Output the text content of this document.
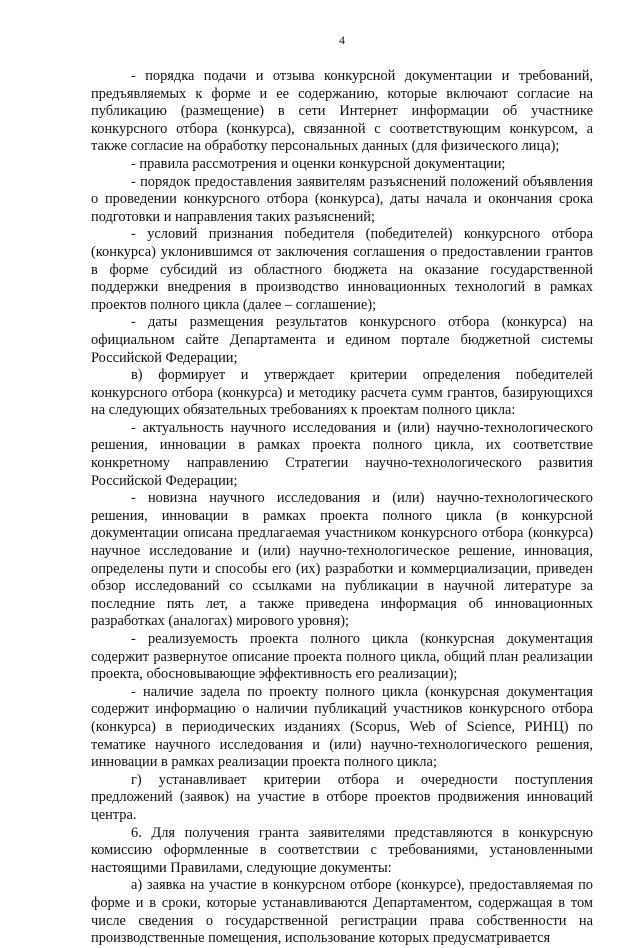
4

- порядка подачи и отзыва конкурсной документации и требований, предъявляемых к форме и ее содержанию, которые включают согласие на публикацию (размещение) в сети Интернет информации об участнике конкурсного отбора (конкурса), связанной с соответствующим конкурсом, а также согласие на обработку персональных данных (для физического лица);

- правила рассмотрения и оценки конкурсной документации;

- порядок предоставления заявителям разъяснений положений объявления о проведении конкурсного отбора (конкурса), даты начала и окончания срока подготовки и направления таких разъяснений;

- условий признания победителя (победителей) конкурсного отбора (конкурса) уклонившимся от заключения соглашения о предоставлении грантов в форме субсидий из областного бюджета на оказание государственной поддержки внедрения в производство инновационных технологий в рамках проектов полного цикла (далее – соглашение);

- даты размещения результатов конкурсного отбора (конкурса) на официальном сайте Департамента и едином портале бюджетной системы Российской Федерации;

в) формирует и утверждает критерии определения победителей конкурсного отбора (конкурса) и методику расчета сумм грантов, базирующихся на следующих обязательных требованиях к проектам полного цикла:

- актуальность научного исследования и (или) научно-технологического решения, инновации в рамках проекта полного цикла, их соответствие конкретному направлению Стратегии научно-технологического развития Российской Федерации;

- новизна научного исследования и (или) научно-технологического решения, инновации в рамках проекта полного цикла (в конкурсной документации описана предлагаемая участником конкурсного отбора (конкурса) научное исследование и (или) научно-технологическое решение, инновация, определены пути и способы его (их) разработки и коммерциализации, приведен обзор исследований со ссылками на публикации в научной литературе за последние пять лет, а также приведена информация об инновационных разработках (аналогах) мирового уровня);

- реализуемость проекта полного цикла (конкурсная документация содержит развернутое описание проекта полного цикла, общий план реализации проекта, обосновывающие эффективность его реализации);

- наличие задела по проекту полного цикла (конкурсная документация содержит информацию о наличии публикаций участников конкурсного отбора (конкурса) в периодических изданиях (Scopus, Web of Science, РИНЦ) по тематике научного исследования и (или) научно-технологического решения, инновации в рамках реализации проекта полного цикла;

г) устанавливает критерии отбора и очередности поступления предложений (заявок) на участие в отборе проектов продвижения инноваций центра.

6. Для получения гранта заявителями представляются в конкурсную комиссию оформленные в соответствии с требованиями, установленными настоящими Правилами, следующие документы:

а) заявка на участие в конкурсном отборе (конкурсе), предоставляемая по форме и в сроки, которые устанавливаются Департаментом, содержащая в том числе сведения о государственной регистрации права собственности на производственные помещения, использование которых предусматривается
